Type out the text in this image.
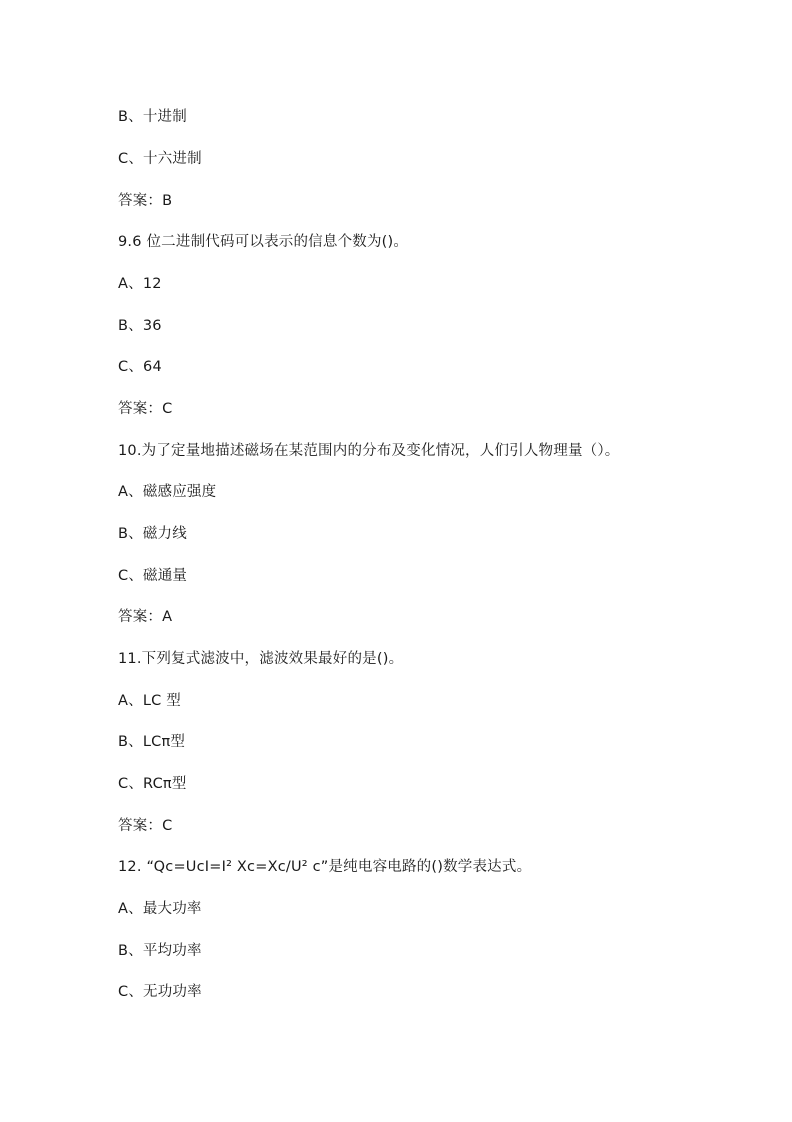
B、十进制
C、十六进制
答案：B
9.6 位二进制代码可以表示的信息个数为()。
A、12
B、36
C、64
答案：C
10.为了定量地描述磁场在某范围内的分布及变化情况，人们引人物理量（）。
A、磁感应强度
B、磁力线
C、磁通量
答案：A
11.下列复式滤波中，滤波效果最好的是()。
A、LC 型
B、LCπ型
C、RCπ型
答案：C
12. “Qc=UcI=I² Xc=Xc/U² c”是纯电容电路的()数学表达式。
A、最大功率
B、平均功率
C、无功功率
